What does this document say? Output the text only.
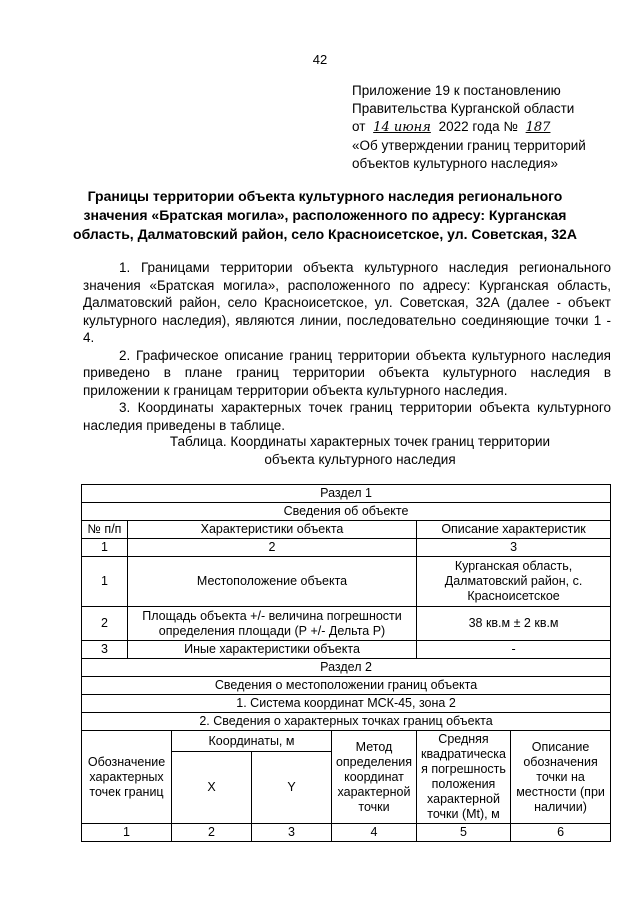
42
Приложение 19 к постановлению
Правительства Курганской области
от 14 июня 2022 года № 187
«Об утверждении границ территорий
объектов культурного наследия»
Границы территории объекта культурного наследия регионального значения «Братская могила», расположенного по адресу: Курганская область, Далматовский район, село Красноисетское, ул. Советская, 32А

1. Границами территории объекта культурного наследия регионального значения «Братская могила», расположенного по адресу: Курганская область, Далматовский район, село Красноисетское, ул. Советская, 32А (далее - объект культурного наследия), являются линии, последовательно соединяющие точки 1 - 4.

2. Графическое описание границ территории объекта культурного наследия приведено в плане границ территории объекта культурного наследия в приложении к границам территории объекта культурного наследия.

3. Координаты характерных точек границ территории объекта культурного наследия приведены в таблице.

Таблица. Координаты характерных точек границ территории
объекта культурного наследия
Раздел 1						
Сведения об объекте						
№ п/п	Характеристики объекта				Описание характеристик	
1	2				3	
1	Местоположение объекта				Курганская область, Далматовский район, с. Красноисетское	
2	Площадь объекта +/- величина погрешности определения площади (Р +/- Дельта Р)				38 кв.м ± 2 кв.м	
3	Иные характеристики объекта				-	
Раздел 2						
Сведения о местоположении границ объекта						
1. Система координат МСК-45, зона 2						
2. Сведения о характерных точках границ объекта						
Обозначение характерных точек границ		Координаты, м		Метод определения координат характерной точки	Средняя квадратическая погрешность положения характерной точки (Mt), м	Описание обозначения точки на местности (при наличии)
		X	Y			
1		2	3	4	5	6
